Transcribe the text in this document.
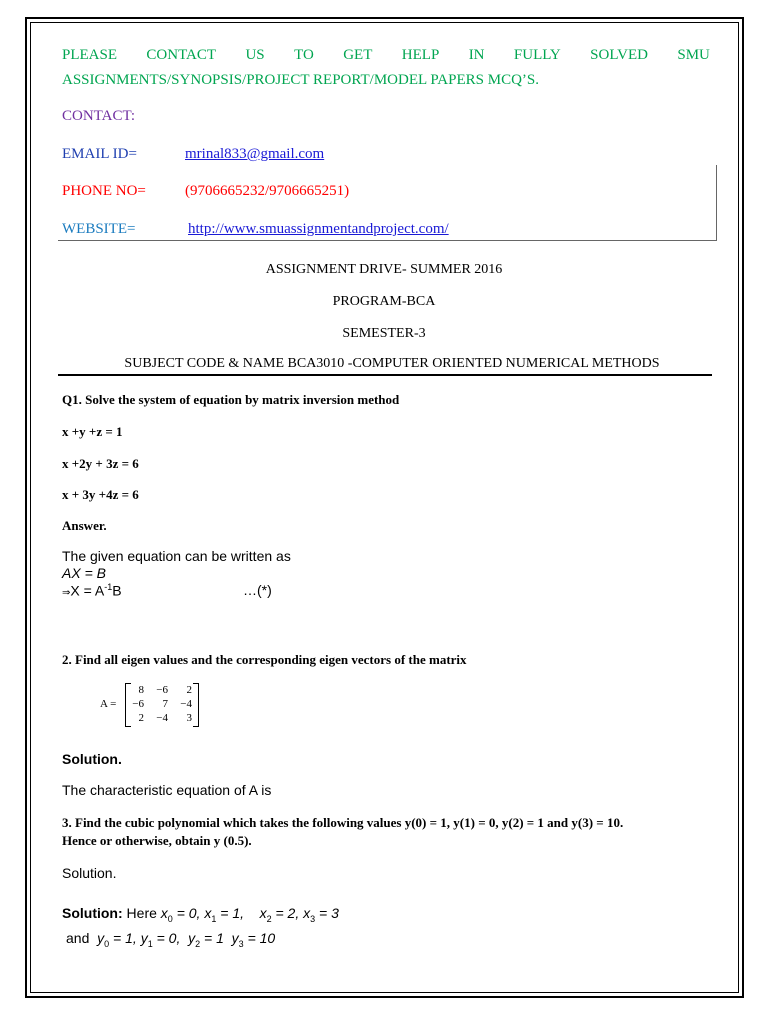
PLEASE CONTACT US TO GET HELP IN FULLY SOLVED SMU
ASSIGNMENTS/SYNOPSIS/PROJECT REPORT/MODEL PAPERS MCQ’S.
CONTACT:
EMAIL ID=	mrinal833@gmail.com
PHONE NO=	(9706665232/9706665251)
WEBSITE=	http://www.smuassignmentandproject.com/
ASSIGNMENT DRIVE- SUMMER 2016
PROGRAM-BCA
SEMESTER-3
SUBJECT CODE & NAME BCA3010 -COMPUTER ORIENTED NUMERICAL METHODS
Q1. Solve the system of equation by matrix inversion method
x +y +z = 1
x +2y + 3z = 6
x + 3y +4z = 6
Answer.
The given equation can be written as
AX = B
⇒X = $A^{-1}B$	…(*)
2. Find all eigen values and the corresponding eigen vectors of the matrix
A =
8	−6	2
−6	7	−4
2	−4	3
Solution.
The characteristic equation of A is
3. Find the cubic polynomial which takes the following values y(0) = 1, y(1) = 0, y(2) = 1 and y(3) = 10.
Hence or otherwise, obtain y (0.5).
Solution.
Solution: Here $x_0 = 0$, $x_1 = 1$, $x_2 = 2$, $x_3 = 3$
and $y_0 = 1$, $y_1 = 0$, $y_2 = 1$ $y_3 = 10$
